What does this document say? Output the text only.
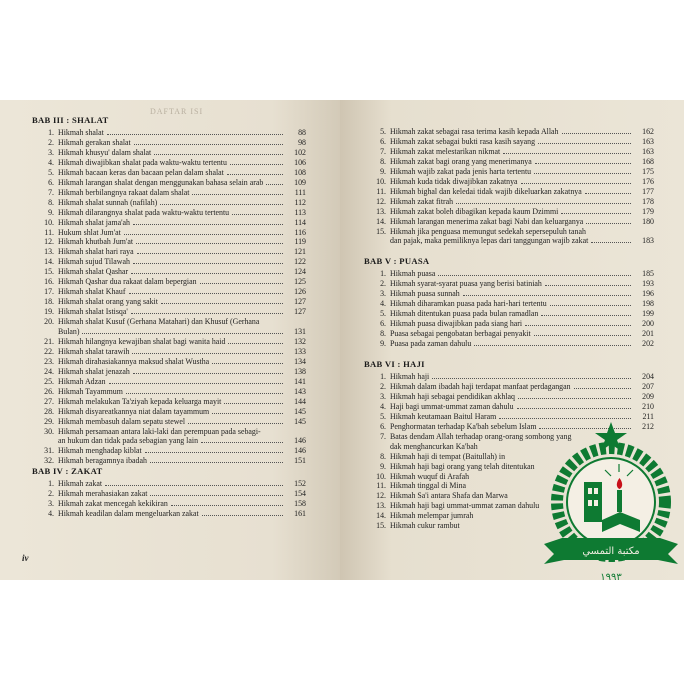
DAFTAR ISI
BAB III : SHALAT
1. Hikmah shalat	88
2. Hikmah gerakan shalat	98
3. Hikmah khusyu' dalam shalat	102
4. Hikmah diwajibkan shalat pada waktu-waktu tertentu	106
5. Hikmah bacaan keras dan bacaan pelan dalam shalat	108
6. Hikmah larangan shalat dengan menggunakan bahasa selain arab	109
7. Hikmah berbilangnya rakaat dalam shalat	111
8. Hikmah shalat sunnah (nafilah)	112
9. Hikmah dilarangnya shalat pada waktu-waktu tertentu	113
10. Hikmah shalat jama'ah	114
11. Hukum shlat Jum'at	116
12. Hikmah khutbah Jum'at	119
13. Hikmah shalat hari raya	121
14. Hikmah sujud Tilawah	122
15. Hikmah shalat Qashar	124
16. Hikmah Qashar dua rakaat dalam bepergian	125
17. Hikmah shalat Khauf	126
18. Hikmah shalat orang yang sakit	127
19. Hikmah shalat Istisqa'	127
20. Hikmah shalat Kusuf (Gerhana Matahari) dan Khusuf (Gerhana
Bulan)	131
21. Hikmah hilangnya kewajiban shalat bagi wanita haid	132
22. Hikmah shalat tarawih	133
23. Hikmah dirahasiakannya maksud shalat Wustha	134
24. Hikmah shalat jenazah	138
25. Hikmah Adzan	141
26. Hikmah Tayammum	143
27. Hikmah melakukan Ta'ziyah kepada keluarga mayit	144
28. Hikmah disyareatkannya niat dalam tayammum	145
29. Hikmah membasuh dalam sepatu stewel	145
30. Hikmah persamaan antara laki-laki dan perempuan pada sebagi-
an hukum dan tidak pada sebagian yang lain	146
31. Hikmah menghadap kiblat	146
32. Hikmah beragamnya ibadah	151
BAB IV : ZAKAT
1. Hikmah zakat	152
2. Hikmah merahasiakan zakat	154
3. Hikmah zakat mencegah kekikiran	158
4. Hikmah keadilan dalam mengeluarkan zakat	161
5. Hikmah zakat sebagai rasa terima kasih kepada Allah	162
6. Hikmah zakat sebagai bukti rasa kasih sayang	163
7. Hikmah zakat melestarikan nikmat	163
8. Hikmah zakat bagi orang yang menerimanya	168
9. Hikmah wajib zakat pada jenis harta tertentu	175
10. Hikmah kuda tidak diwajibkan zakatnya	176
11. Hikmah bighal dan keledai tidak wajib dikeluarkan zakatnya	177
12. Hikmah zakat fitrah	178
13. Hikmah zakat boleh dibagikan kepada kaum Dzimmi	179
14. Hikmah larangan menerima zakat bagi Nabi dan keluarganya	180
15. Hikmah jika penguasa memungut sedekah sepersepuluh tanah
dan pajak, maka pemiliknya lepas dari tanggungan wajib zakat	183
BAB V : PUASA
1. Hikmah puasa	185
2. Hikmah syarat-syarat puasa yang berisi batiniah	193
3. Hikmah puasa sunnah	196
4. Hikmah diharamkan puasa pada hari-hari tertentu	198
5. Hikmah ditentukan puasa pada bulan ramadlan	199
6. Hikmah puasa diwajibkan pada siang hari	200
8. Puasa sebagai pengobatan berbagai penyakit	201
9. Puasa pada zaman dahulu	202
BAB VI : HAJI
1. Hikmah haji	204
2. Hikmah dalam ibadah haji terdapat manfaat perdagangan	207
3. Hikmah haji sebagai pendidikan akhlaq	209
4. Haji bagi ummat-ummat zaman dahulu	210
5. Hikmah keutamaan Baitul Haram	211
6. Penghormatan terhadap Ka'bah sebelum Islam	212
7. Batas dendam Allah terhadap orang-orang sombong yang
dak menghancurkan Ka'bah
8. Hikmah haji di tempat (Baitullah) in
9. Hikmah haji bagi orang yang telah ditentukan
10. Hikmah wuquf di Arafah
11. Hikmah tinggal di Mina
12. Hikmah Sa'i antara Shafa dan Marwa
13. Hikmah haji bagi ummat-ummat zaman dahulu
14. Hikmah melempar jumrah
15. Hikmah cukur rambut
iv
مكتبة التمسي
١٩٩٣
